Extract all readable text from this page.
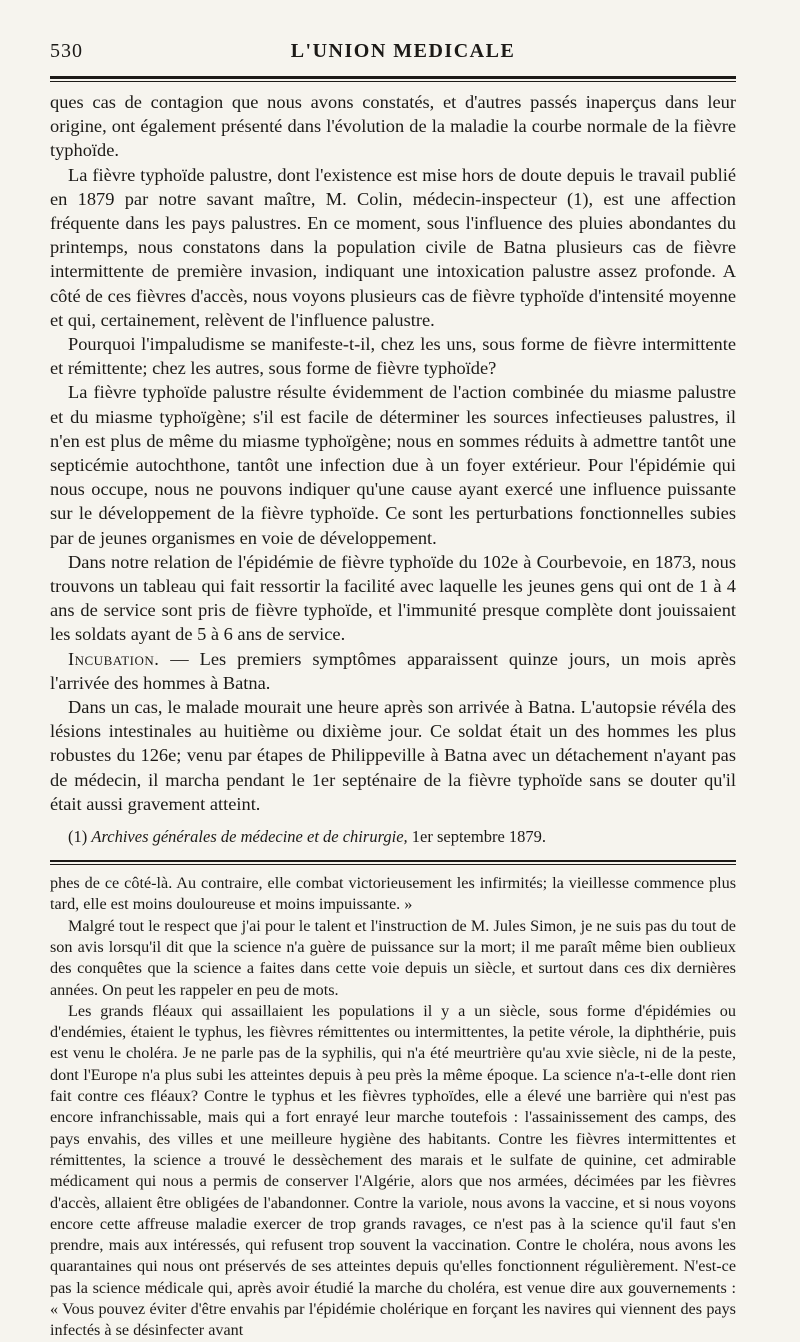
530	L'UNION MEDICALE

ques cas de contagion que nous avons constatés, et d'autres passés inaperçus dans leur origine, ont également présenté dans l'évolution de la maladie la courbe normale de la fièvre typhoïde.

La fièvre typhoïde palustre, dont l'existence est mise hors de doute depuis le travail publié en 1879 par notre savant maître, M. Colin, médecin-inspecteur (1), est une affection fréquente dans les pays palustres. En ce moment, sous l'influence des pluies abondantes du printemps, nous constatons dans la population civile de Batna plusieurs cas de fièvre intermittente de première invasion, indiquant une intoxication palustre assez profonde. A côté de ces fièvres d'accès, nous voyons plusieurs cas de fièvre typhoïde d'intensité moyenne et qui, certainement, relèvent de l'influence palustre.

Pourquoi l'impaludisme se manifeste-t-il, chez les uns, sous forme de fièvre intermittente et rémittente; chez les autres, sous forme de fièvre typhoïde?

La fièvre typhoïde palustre résulte évidemment de l'action combinée du miasme palustre et du miasme typhoïgène; s'il est facile de déterminer les sources infectieuses palustres, il n'en est plus de même du miasme typhoïgène; nous en sommes réduits à admettre tantôt une septicémie autochthone, tantôt une infection due à un foyer extérieur. Pour l'épidémie qui nous occupe, nous ne pouvons indiquer qu'une cause ayant exercé une influence puissante sur le développement de la fièvre typhoïde. Ce sont les perturbations fonctionnelles subies par de jeunes organismes en voie de développement.

Dans notre relation de l'épidémie de fièvre typhoïde du 102e à Courbevoie, en 1873, nous trouvons un tableau qui fait ressortir la facilité avec laquelle les jeunes gens qui ont de 1 à 4 ans de service sont pris de fièvre typhoïde, et l'immunité presque complète dont jouissaient les soldats ayant de 5 à 6 ans de service.

Incubation. — Les premiers symptômes apparaissent quinze jours, un mois après l'arrivée des hommes à Batna.

Dans un cas, le malade mourait une heure après son arrivée à Batna. L'autopsie révéla des lésions intestinales au huitième ou dixième jour. Ce soldat était un des hommes les plus robustes du 126e; venu par étapes de Philippeville à Batna avec un détachement n'ayant pas de médecin, il marcha pendant le 1er septénaire de la fièvre typhoïde sans se douter qu'il était aussi gravement atteint.

(1) Archives générales de médecine et de chirurgie, 1er septembre 1879.

phes de ce côté-là. Au contraire, elle combat victorieusement les infirmités; la vieillesse commence plus tard, elle est moins douloureuse et moins impuissante. »

Malgré tout le respect que j'ai pour le talent et l'instruction de M. Jules Simon, je ne suis pas du tout de son avis lorsqu'il dit que la science n'a guère de puissance sur la mort; il me paraît même bien oublieux des conquêtes que la science a faites dans cette voie depuis un siècle, et surtout dans ces dix dernières années. On peut les rappeler en peu de mots.

Les grands fléaux qui assaillaient les populations il y a un siècle, sous forme d'épidémies ou d'endémies, étaient le typhus, les fièvres rémittentes ou intermittentes, la petite vérole, la diphthérie, puis est venu le choléra. Je ne parle pas de la syphilis, qui n'a été meurtrière qu'au xvie siècle, ni de la peste, dont l'Europe n'a plus subi les atteintes depuis à peu près la même époque. La science n'a-t-elle dont rien fait contre ces fléaux? Contre le typhus et les fièvres typhoïdes, elle a élevé une barrière qui n'est pas encore infranchissable, mais qui a fort enrayé leur marche toutefois : l'assainissement des camps, des pays envahis, des villes et une meilleure hygiène des habitants. Contre les fièvres intermittentes et rémittentes, la science a trouvé le dessèchement des marais et le sulfate de quinine, cet admirable médicament qui nous a permis de conserver l'Algérie, alors que nos armées, décimées par les fièvres d'accès, allaient être obligées de l'abandonner. Contre la variole, nous avons la vaccine, et si nous voyons encore cette affreuse maladie exercer de trop grands ravages, ce n'est pas à la science qu'il faut s'en prendre, mais aux intéressés, qui refusent trop souvent la vaccination. Contre le choléra, nous avons les quarantaines qui nous ont préservés de ses atteintes depuis qu'elles fonctionnent régulièrement. N'est-ce pas la science médicale qui, après avoir étudié la marche du choléra, est venue dire aux gouvernements : « Vous pouvez éviter d'être envahis par l'épidémie cholérique en forçant les navires qui viennent des pays infectés à se désinfecter avant
